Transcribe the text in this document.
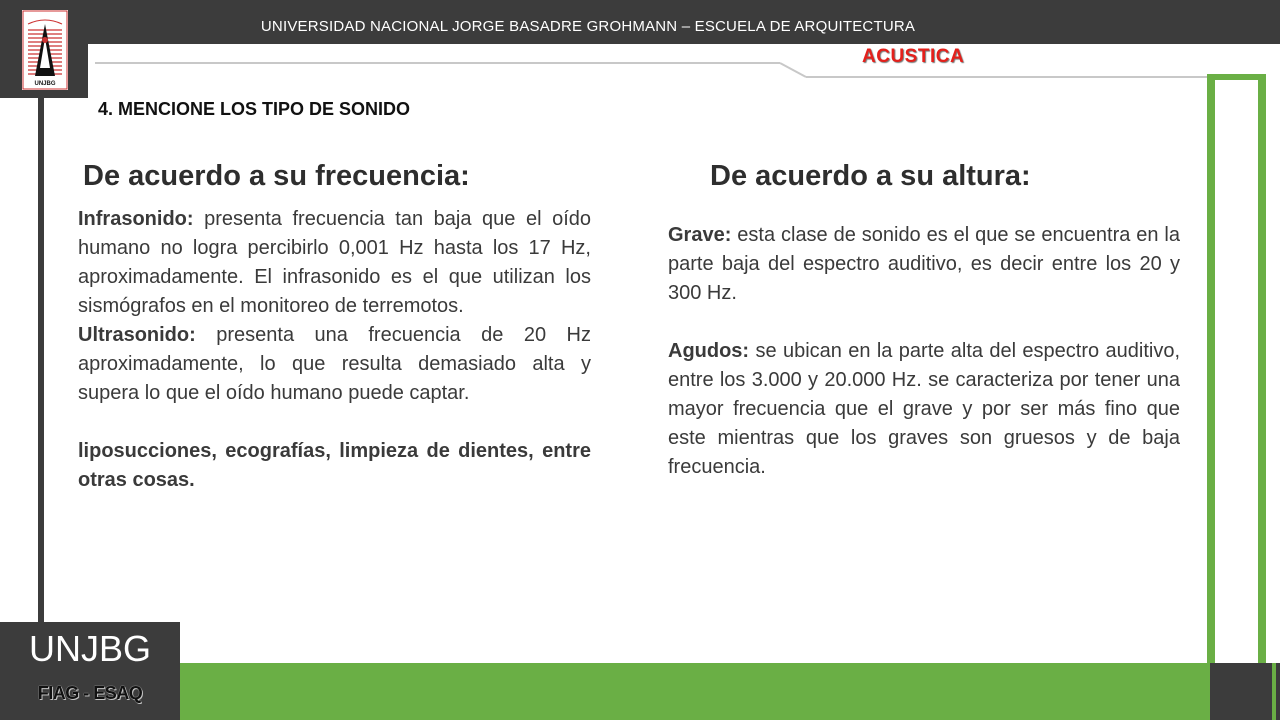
UNIVERSIDAD NACIONAL JORGE BASADRE GROHMANN – ESCUELA DE ARQUITECTURA
UNJBG
ACUSTICA
4. MENCIONE LOS TIPO DE SONIDO
De acuerdo a su frecuencia:	De acuerdo a su altura:
Infrasonido: presenta frecuencia tan baja que el oído humano no logra percibirlo 0,001 Hz hasta los 17 Hz, aproximadamente. El infrasonido es el que utilizan los sismógrafos en el monitoreo de terremotos.
Ultrasonido: presenta una frecuencia de 20 Hz aproximadamente, lo que resulta demasiado alta y supera lo que el oído humano puede captar.
liposucciones, ecografías, limpieza de dientes, entre otras cosas.
Grave: esta clase de sonido es el que se encuentra en la parte baja del espectro auditivo, es decir entre los 20 y 300 Hz.
Agudos: se ubican en la parte alta del espectro auditivo, entre los 3.000 y 20.000 Hz. se caracteriza por tener una mayor frecuencia que el grave y por ser más fino que este mientras que los graves son gruesos y de baja frecuencia.
UNJBG
FIAG - ESAQ
